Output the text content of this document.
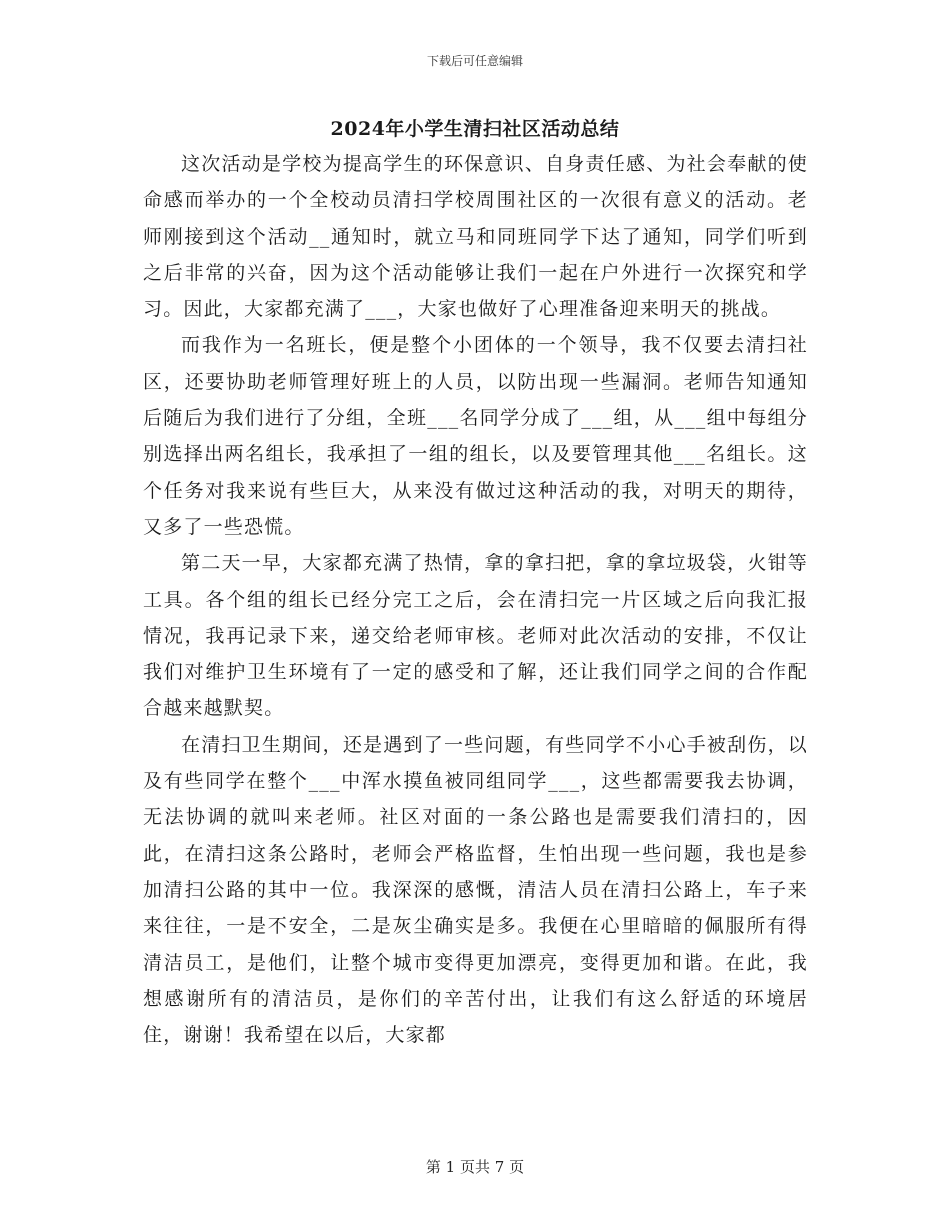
下载后可任意编辑
2024年小学生清扫社区活动总结

这次活动是学校为提高学生的环保意识、自身责任感、为社会奉献的使命感而举办的一个全校动员清扫学校周围社区的一次很有意义的活动。老师刚接到这个活动__通知时，就立马和同班同学下达了通知，同学们听到之后非常的兴奋，因为这个活动能够让我们一起在户外进行一次探究和学习。因此，大家都充满了___，大家也做好了心理准备迎来明天的挑战。

而我作为一名班长，便是整个小团体的一个领导，我不仅要去清扫社区，还要协助老师管理好班上的人员，以防出现一些漏洞。老师告知通知后随后为我们进行了分组，全班___名同学分成了___组，从___组中每组分别选择出两名组长，我承担了一组的组长，以及要管理其他___名组长。这个任务对我来说有些巨大，从来没有做过这种活动的我，对明天的期待，又多了一些恐慌。

第二天一早，大家都充满了热情，拿的拿扫把，拿的拿垃圾袋，火钳等工具。各个组的组长已经分完工之后，会在清扫完一片区域之后向我汇报情况，我再记录下来，递交给老师审核。老师对此次活动的安排，不仅让我们对维护卫生环境有了一定的感受和了解，还让我们同学之间的合作配合越来越默契。

在清扫卫生期间，还是遇到了一些问题，有些同学不小心手被刮伤，以及有些同学在整个___中浑水摸鱼被同组同学___，这些都需要我去协调，无法协调的就叫来老师。社区对面的一条公路也是需要我们清扫的，因此，在清扫这条公路时，老师会严格监督，生怕出现一些问题，我也是参加清扫公路的其中一位。我深深的感慨，清洁人员在清扫公路上，车子来来往往，一是不安全，二是灰尘确实是多。我便在心里暗暗的佩服所有得清洁员工，是他们，让整个城市变得更加漂亮，变得更加和谐。在此，我想感谢所有的清洁员，是你们的辛苦付出，让我们有这么舒适的环境居住，谢谢！我希望在以后，大家都

第 1 页共 7 页
